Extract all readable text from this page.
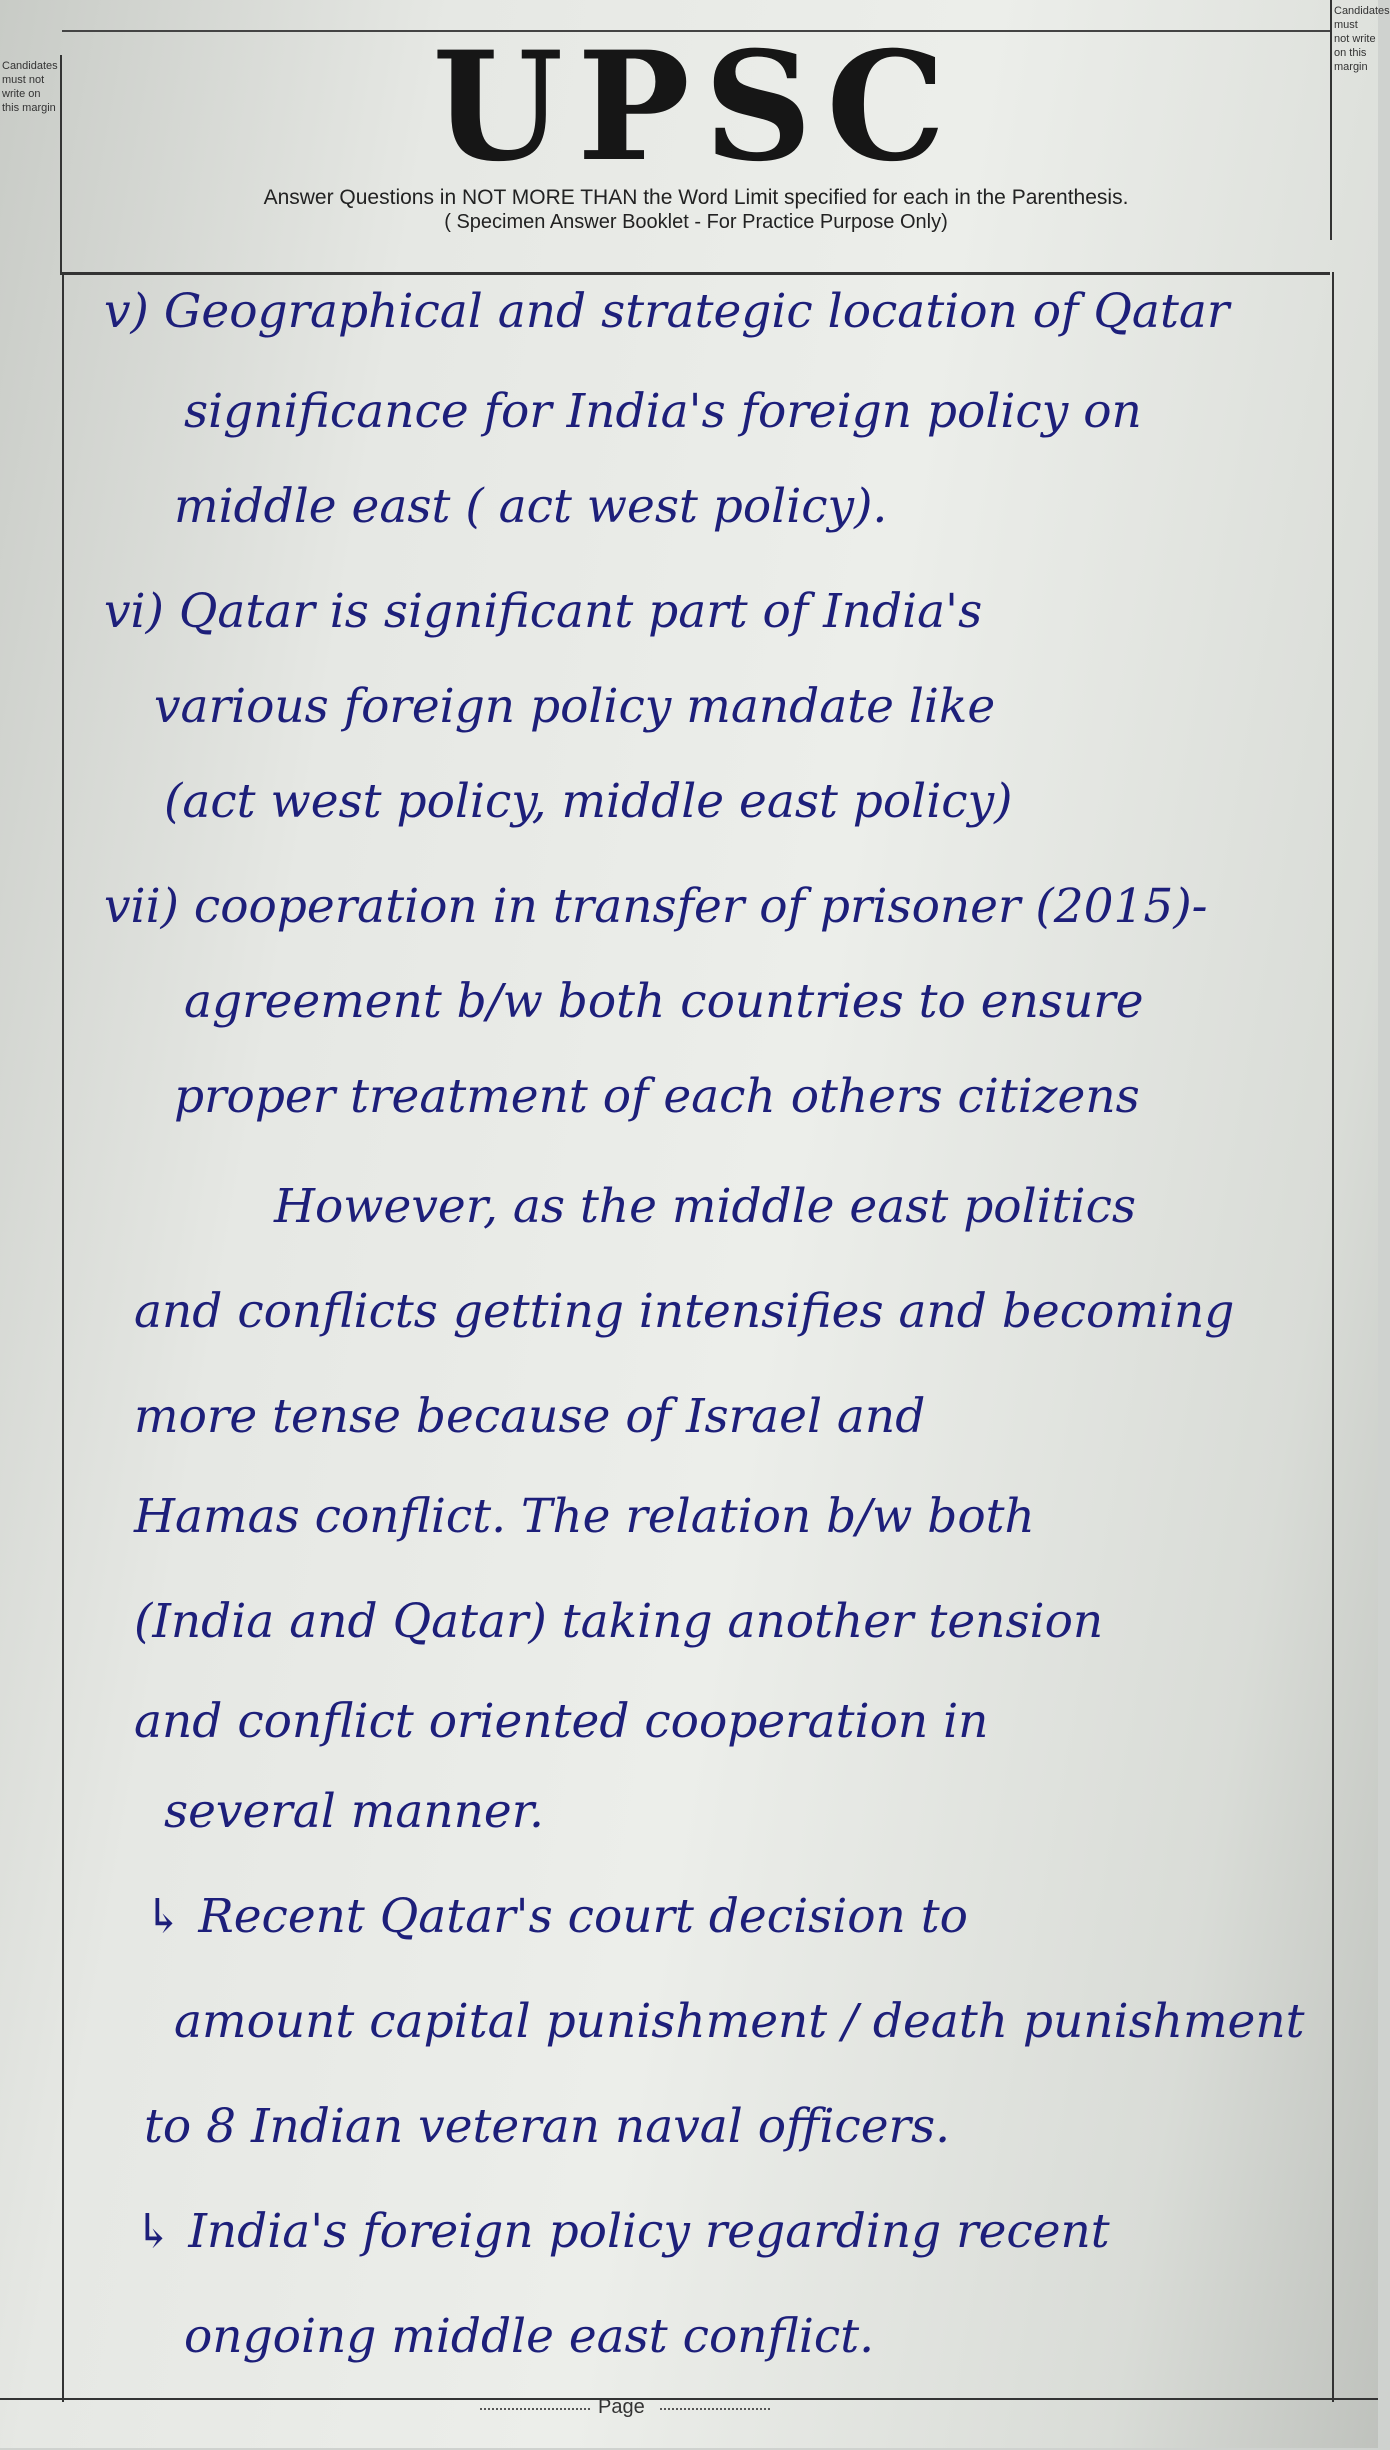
Candidates must not write on this margin
Candidates must not write on this margin
UPSC
Answer Questions in NOT MORE THAN the Word Limit specified for each in the Parenthesis.
( Specimen Answer Booklet - For Practice Purpose Only)
v) Geographical and strategic location of Qatar
significance for India's foreign policy on
middle east ( act west policy).
vi) Qatar is significant part of India's
various foreign policy mandate like
(act west policy, middle east policy)
vii) cooperation in transfer of prisoner (2015)-
agreement b/w both countries to ensure
proper treatment of each others citizens
However, as the middle east politics
and conflicts getting intensifies and becoming
more tense because of Israel and
Hamas conflict. The relation b/w both
(India and Qatar) taking another tension
and conflict oriented cooperation in
several manner.
↳ Recent Qatar's court decision to
amount capital punishment / death punishment
to 8 Indian veteran naval officers.
↳ India's foreign policy regarding recent
ongoing middle east conflict.
Page
